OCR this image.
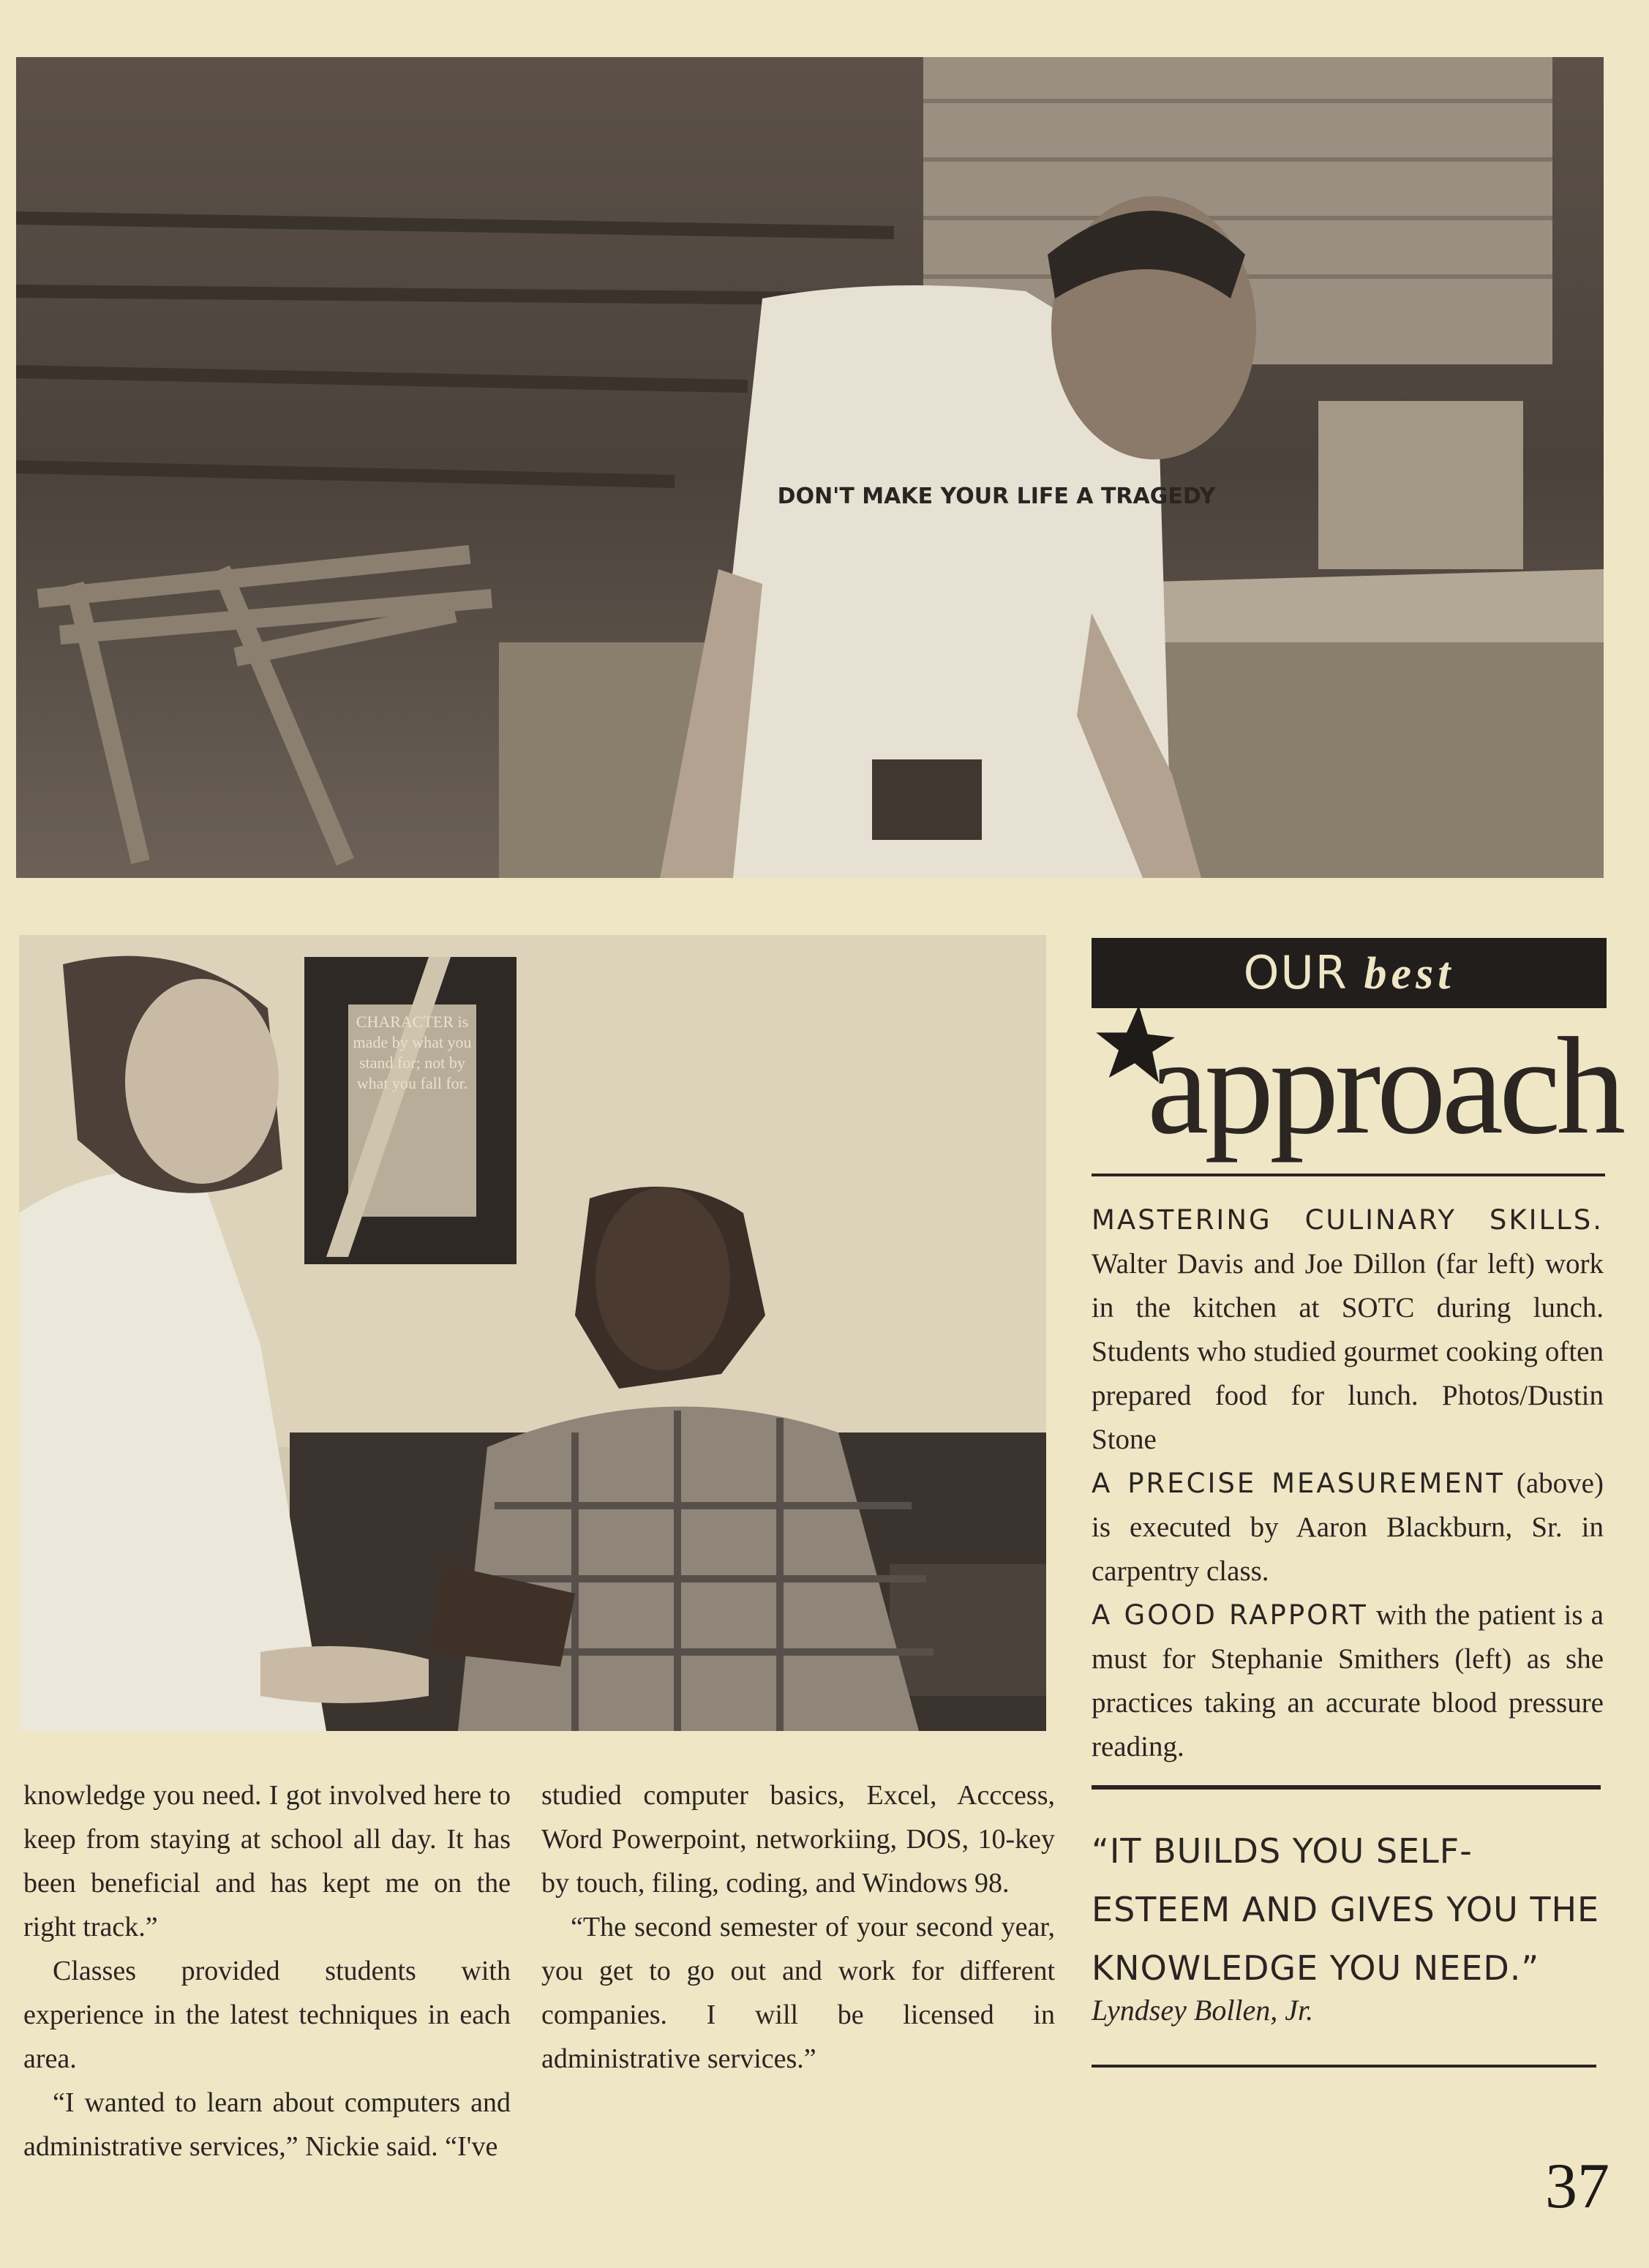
DON'T MAKE YOUR LIFE A TRAGEDY
CHARACTER is made by what you stand for; not by what you fall for.

knowledge you need. I got involved here to keep from staying at school all day. It has been beneficial and has kept me on the right track.”

Classes provided students with experience in the latest techniques in each area.

“I wanted to learn about computers and administrative services,” Nickie said. “I've

studied computer basics, Excel, Acccess, Word Powerpoint, networkiing, DOS, 10-key by touch, filing, coding, and Windows 98.

“The second semester of your second year, you get to go out and work for different companies. I will be licensed in administrative services.”

OUR best
approach

MASTERING CULINARY SKILLS. Walter Davis and Joe Dillon (far left) work in the kitchen at SOTC during lunch. Students who studied gourmet cooking often prepared food for lunch. Photos/Dustin Stone

A PRECISE MEASUREMENT (above) is executed by Aaron Blackburn, Sr. in carpentry class.

A GOOD RAPPORT with the patient is a must for Stephanie Smithers (left) as she practices taking an accurate blood pressure reading.

“IT BUILDS YOU SELF-ESTEEM AND GIVES YOU THE KNOWLEDGE YOU NEED.”
Lyndsey Bollen, Jr.
37
